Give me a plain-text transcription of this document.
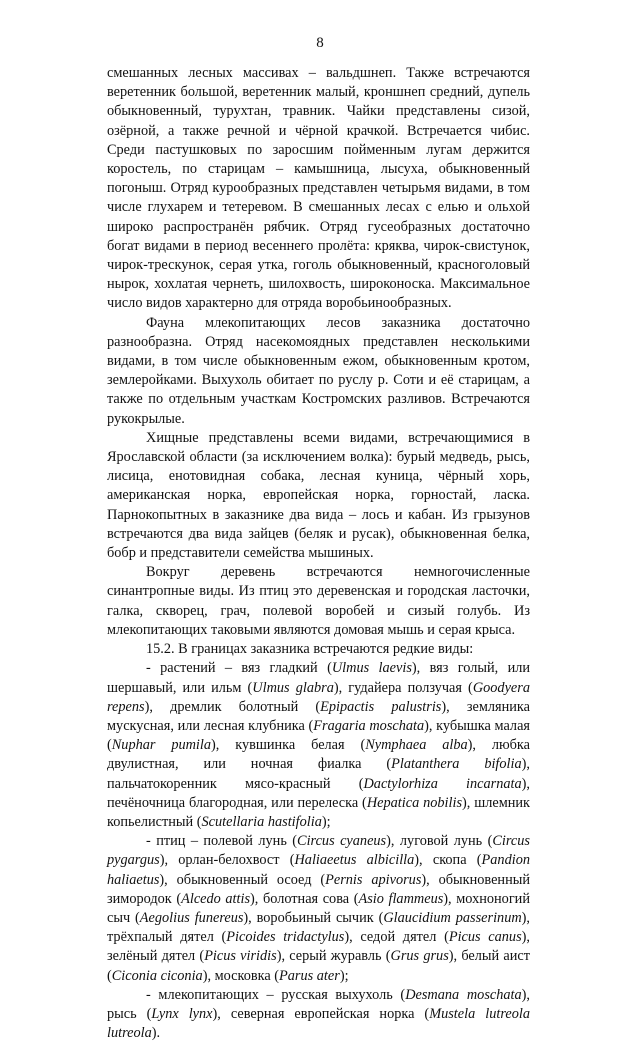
8

смешанных лесных массивах – вальдшнеп. Также встречаются веретенник большой, веретенник малый, кроншнеп средний, дупель обыкновенный, турухтан, травник. Чайки представлены сизой, озёрной, а также речной и чёрной крачкой. Встречается чибис. Среди пастушковых по заросшим пойменным лугам держится коростель, по старицам – камышница, лысуха, обыкновенный погоныш. Отряд курообразных представлен четырьмя видами, в том числе глухарем и тетеревом. В смешанных лесах с елью и ольхой широко распространён рябчик. Отряд гусеобразных достаточно богат видами в период весеннего пролёта: кряква, чирок-свистунок, чирок-трескунок, серая утка, гоголь обыкновенный, красноголовый нырок, хохлатая чернеть, шилохвость, широконоска. Максимальное число видов характерно для отряда воробьинообразных.

Фауна млекопитающих лесов заказника достаточно разнообразна. Отряд насекомоядных представлен несколькими видами, в том числе обыкновенным ежом, обыкновенным кротом, землеройками. Выхухоль обитает по руслу р. Соти и её старицам, а также по отдельным участкам Костромских разливов. Встречаются рукокрылые.

Хищные представлены всеми видами, встречающимися в Ярославской области (за исключением волка): бурый медведь, рысь, лисица, енотовидная собака, лесная куница, чёрный хорь, американская норка, европейская норка, горностай, ласка. Парнокопытных в заказнике два вида – лось и кабан. Из грызунов встречаются два вида зайцев (беляк и русак), обыкновенная белка, бобр и представители семейства мышиных.

Вокруг деревень встречаются немногочисленные синантропные виды. Из птиц это деревенская и городская ласточки, галка, скворец, грач, полевой воробей и сизый голубь. Из млекопитающих таковыми являются домовая мышь и серая крыса.

15.2. В границах заказника встречаются редкие виды:

- растений – вяз гладкий (Ulmus laevis), вяз голый, или шершавый, или ильм (Ulmus glabra), гудайера ползучая (Goodyera repens), дремлик болотный (Epipactis palustris), земляника мускусная, или лесная клубника (Fragaria moschata), кубышка малая (Nuphar pumila), кувшинка белая (Nymphaea alba), любка двулистная, или ночная фиалка (Platanthera bifolia), пальчатокоренник мясо-красный (Dactylorhiza incarnata), печёночница благородная, или перелеска (Hepatica nobilis), шлемник копьелистный (Scutellaria hastifolia);

- птиц – полевой лунь (Circus cyaneus), луговой лунь (Circus pygargus), орлан-белохвост (Haliaeetus albicilla), скопа (Pandion haliaetus), обыкновенный осоед (Pernis apivorus), обыкновенный зимородок (Alcedo attis), болотная сова (Asio flammeus), мохноногий сыч (Aegolius funereus), воробьиный сычик (Glaucidium passerinum), трёхпалый дятел (Picoides tridactylus), седой дятел (Picus canus), зелёный дятел (Picus viridis), серый журавль (Grus grus), белый аист (Ciconia ciconia), московка (Parus ater);

- млекопитающих – русская выхухоль (Desmana moschata), рысь (Lynx lynx), северная европейская норка (Mustela lutreola lutreola).
